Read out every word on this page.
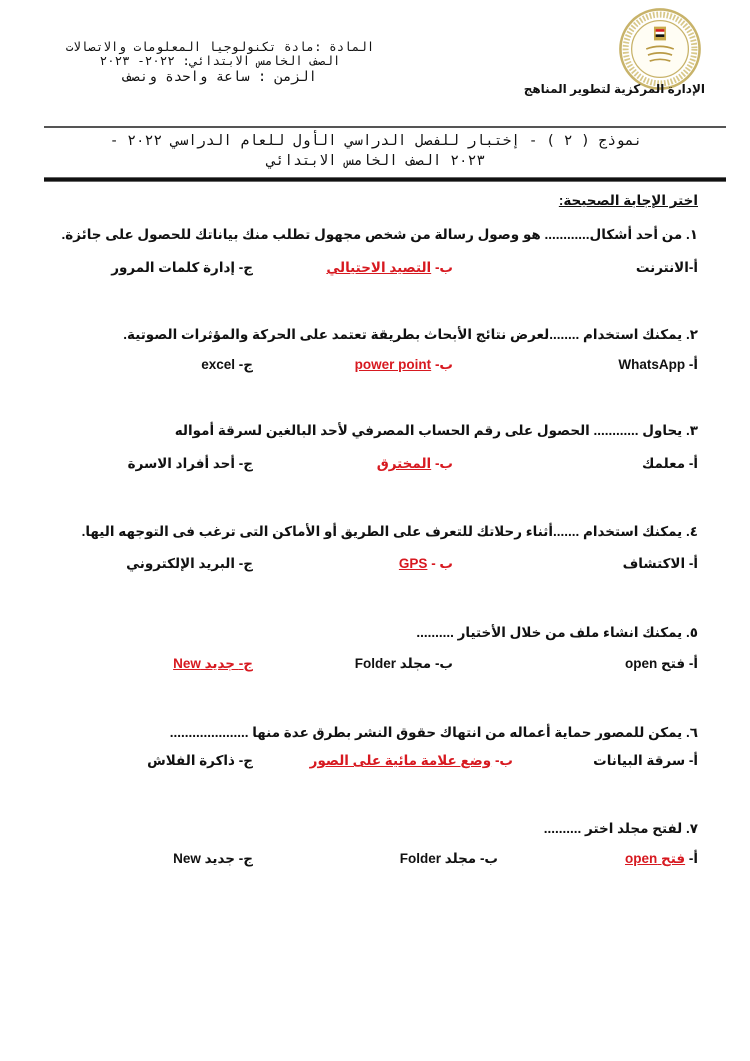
الإدارة المركزية لتطوير المناهج
المادة :مادة تكنولوجيا المعلومات والاتصالات
الصف الخامس الابتدائي: ٢٠٢٢- ٢٠٢٣
الزمن : ساعة واحدة ونصف
نموذج ( ٢ ) - إختبار للفصل الدراسي الأول للعام الدراسي ٢٠٢٢ -
٢٠٢٣ الصف الخامس الابتدائي
اختر الإجابة الصحيحة:
١. من أحد أشكال............ هو وصول رسالة من شخص مجهول تطلب منك بياناتك للحصول على جائزة.
أ-الانترنت
ب- التصيد الاحتيالي
ج- إدارة كلمات المرور
٢. يمكنك استخدام ........لعرض نتائج الأبحاث بطريقة تعتمد على الحركة والمؤثرات الصوتية.
أ- WhatsApp
ب- power point
ج- excel
٣. يحاول ............ الحصول على رقم الحساب المصرفي لأحد البالغين لسرقة أمواله
أ- معلمك
ب- المخترق
ج- أحد أفراد الاسرة
٤. يمكنك استخدام .......أثناء رحلاتك للتعرف على الطريق أو الأماكن التى ترغب فى التوجهه اليها.
أ- الاكتشاف
ب - GPS
ج- البريد الإلكتروني
٥. يمكنك انشاء ملف من خلال الأختيار ..........
أ- فتح open
ب- مجلد Folder
ج- جديد New
٦. يمكن للمصور حماية أعماله من انتهاك حقوق النشر بطرق عدة منها .....................
أ- سرقة البيانات
ب- وضع علامة مائية على الصور
ج- ذاكرة الفلاش
٧. لفتح مجلد اختر ..........
أ- فتح open
ب- مجلد Folder
ج- جديد New
